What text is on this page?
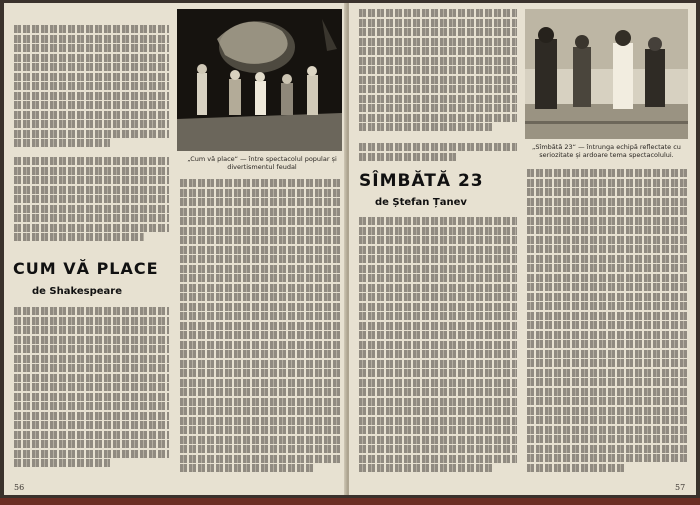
„Cum vă place“ — între spectacolul popular și divertismentul feudal
CUM VĂ PLACE
de Shakespeare
56
„Sîmbătă 23“ — întrunga echipă reflectate cu seriozitate și ardoare tema spectacolului.
SÎMBĂTĂ 23
de Ștefan Țanev
57
